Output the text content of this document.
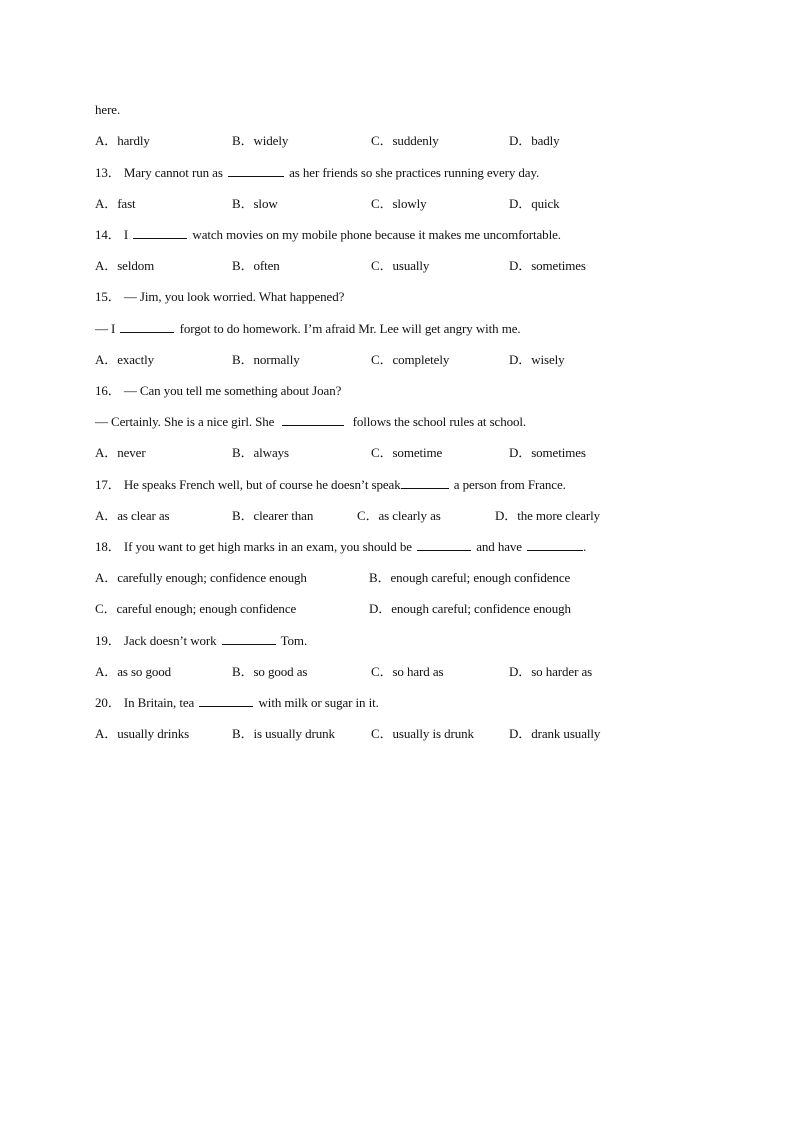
here.
A．hardly	B．widely	C．suddenly	D．badly
13． Mary cannot run as	as her friends so she practices running every day.
A．fast	B．slow	C．slowly	D．quick
14． I	watch movies on my mobile phone because it makes me uncomfortable.
A．seldom	B．often	C．usually	D．sometimes
15． — Jim, you look worried. What happened?
— I	forgot to do homework. I’m afraid Mr. Lee will get angry with me.
A．exactly	B．normally	C．completely	D．wisely
16． — Can you tell me something about Joan?
— Certainly. She is a nice girl. She	follows the school rules at school.
A．never	B．always	C．sometime	D．sometimes
17． He speaks French well, but of course he doesn’t speak	a person from France.
A．as clear as	B．clearer than	C．as clearly as	D．the more clearly
18． If you want to get high marks in an exam, you should be	and have	.
A．carefully enough; confidence enough	B．enough careful; enough confidence
C．careful enough; enough confidence	D．enough careful; confidence enough
19． Jack doesn’t work	Tom.
A．as so good	B．so good as	C．so hard as	D．so harder as
20． In Britain, tea	with milk or sugar in it.
A．usually drinks	B．is usually drunk	C．usually is drunk	D．drank usually
